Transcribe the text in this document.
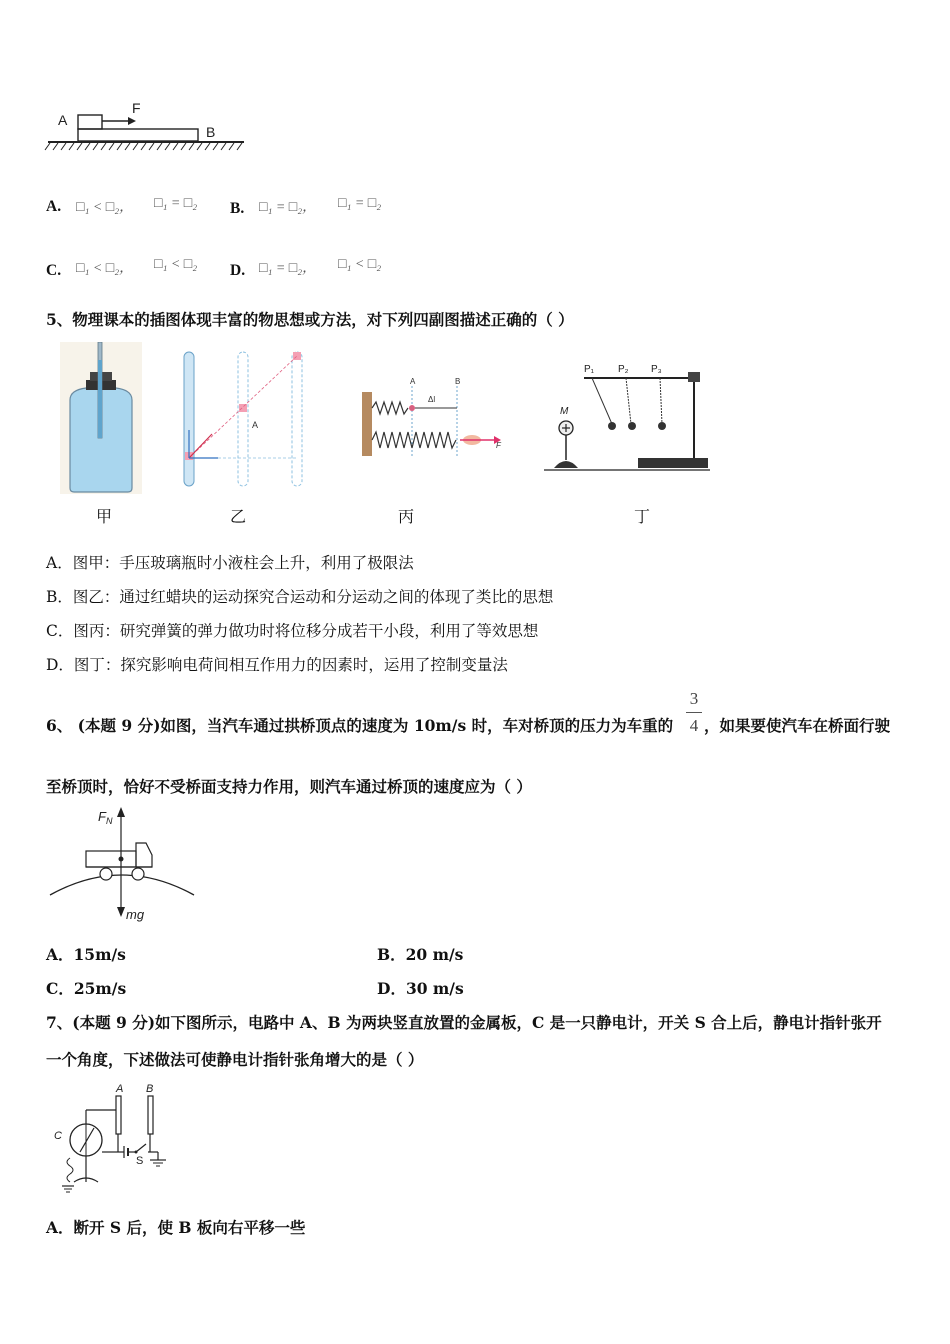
A
F
B
A. □₁ < □₂， □₁ = □₂ B. □₁ = □₂， □₁ = □₂
C. □₁ < □₂， □₁ < □₂ D. □₁ = □₂， □₁ < □₂
5、物理课本的插图体现丰富的物思想或方法，对下列四副图描述正确的（ ）
A
A	B
Δl
F
P₁ P₂ P₃
M
甲	乙	丙	丁
A．图甲：手压玻璃瓶时小液柱会上升，利用了极限法
B．图乙：通过红蜡块的运动探究合运动和分运动之间的体现了类比的思想
C．图丙：研究弹簧的弹力做功时将位移分成若干小段，利用了等效思想
D．图丁：探究影响电荷间相互作用力的因素时，运用了控制变量法
6、 (本题 9 分)如图，当汽车通过拱桥顶点的速度为 10m/s 时，车对桥顶的压力为车重的
3
4 ，如果要使汽车在桥面行驶
至桥顶时，恰好不受桥面支持力作用，则汽车通过桥顶的速度应为（ ）
$F_N$
mg
A．15m/s	B．20 m/s
C．25m/s	D．30 m/s
7、(本题 9 分)如下图所示，电路中 A、B 为两块竖直放置的金属板，C 是一只静电计，开关 S 合上后，静电计指针张开
一个角度，下述做法可使静电计指针张角增大的是（ ）
A B
C
S
A．断开 S 后，使 B 板向右平移一些
